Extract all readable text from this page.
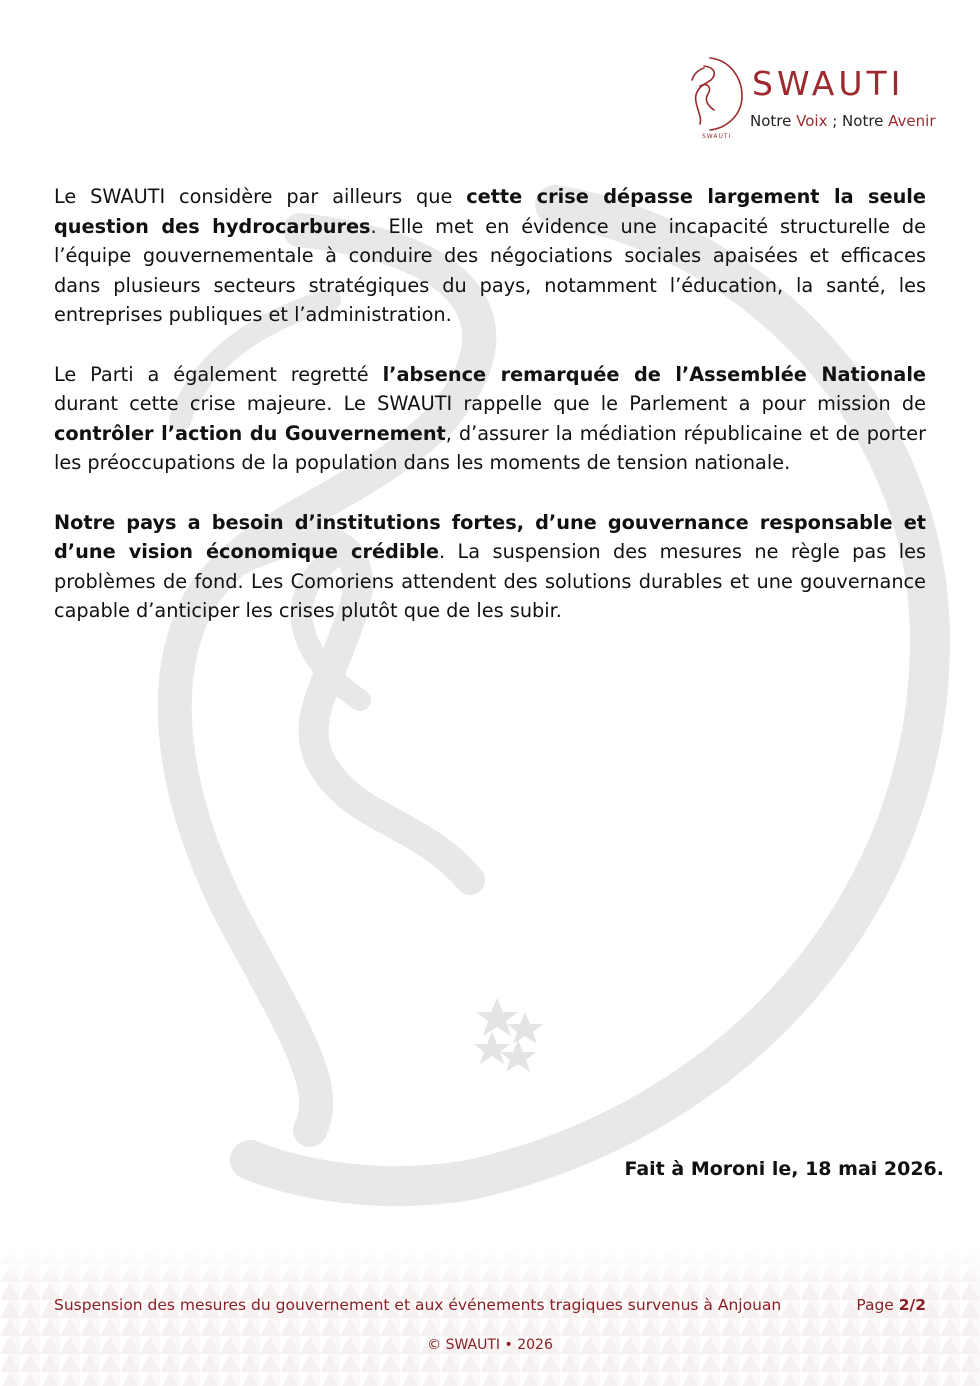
SWAUTI
SWAUTI
Notre Voix ; Notre Avenir

Le SWAUTI considère par ailleurs que cette crise dépasse largement la seule question des hydrocarbures. Elle met en évidence une incapacité structurelle de l’équipe gouvernementale à conduire des négociations sociales apaisées et efficaces dans plusieurs secteurs stratégiques du pays, notamment l’éducation, la santé, les entreprises publiques et l’administration.

Le Parti a également regretté l’absence remarquée de l’Assemblée Nationale durant cette crise majeure. Le SWAUTI rappelle que le Parlement a pour mission de contrôler l’action du Gouvernement, d’assurer la médiation républicaine et de porter les préoccupations de la population dans les moments de tension nationale.

Notre pays a besoin d’institutions fortes, d’une gouvernance responsable et d’une vision économique crédible. La suspension des mesures ne règle pas les problèmes de fond. Les Comoriens attendent des solutions durables et une gouvernance capable d’anticiper les crises plutôt que de les subir.

Fait à Moroni le, 18 mai 2026.
Suspension des mesures du gouvernement et aux événements tragiques survenus à Anjouan	Page 2/2
© SWAUTI • 2026
